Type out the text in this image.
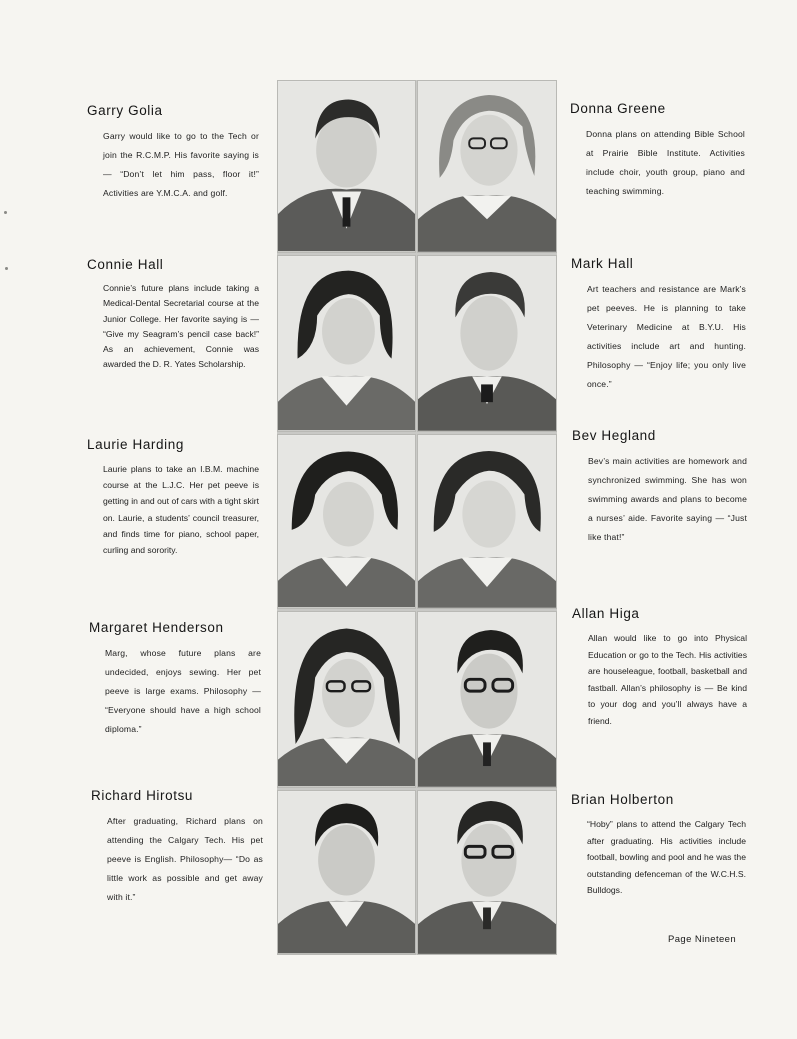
Garry Golia

Garry would like to go to the Tech or join the R.C.M.P. His favorite saying is — “Don’t let him pass, floor it!” Activities are Y.M.C.A. and golf.

Connie Hall

Connie’s future plans include taking a Medical-Dental Secretarial course at the Junior College. Her favorite saying is — “Give my Seagram’s pencil case back!” As an achievement, Connie was awarded the D. R. Yates Scholarship.

Laurie Harding

Laurie plans to take an I.B.M. machine course at the L.J.C. Her pet peeve is getting in and out of cars with a tight skirt on. Laurie, a students’ council treasurer, and finds time for piano, school paper, curling and sorority.

Margaret Henderson

Marg, whose future plans are undecided, enjoys sewing. Her pet peeve is large exams. Philosophy — “Everyone should have a high school diploma.”

Richard Hirotsu

After graduating, Richard plans on attending the Calgary Tech. His pet peeve is English. Philosophy— “Do as little work as possible and get away with it.”

Donna Greene

Donna plans on attending Bible School at Prairie Bible Institute. Activities include choir, youth group, piano and teaching swimming.

Mark Hall

Art teachers and resistance are Mark’s pet peeves. He is planning to take Veterinary Medicine at B.Y.U. His activities include art and hunting. Philosophy — “Enjoy life; you only live once.”

Bev Hegland

Bev’s main activities are homework and synchronized swimming. She has won swimming awards and plans to become a nurses’ aide. Favorite saying — “Just like that!”

Allan Higa

Allan would like to go into Physical Education or go to the Tech. His activities are houseleague, football, basketball and fastball. Allan’s philosophy is — Be kind to your dog and you’ll always have a friend.

Brian Holberton

“Hoby” plans to attend the Calgary Tech after graduating. His activities include football, bowling and pool and he was the outstanding defenceman of the W.C.H.S. Bulldogs.

Page Nineteen
